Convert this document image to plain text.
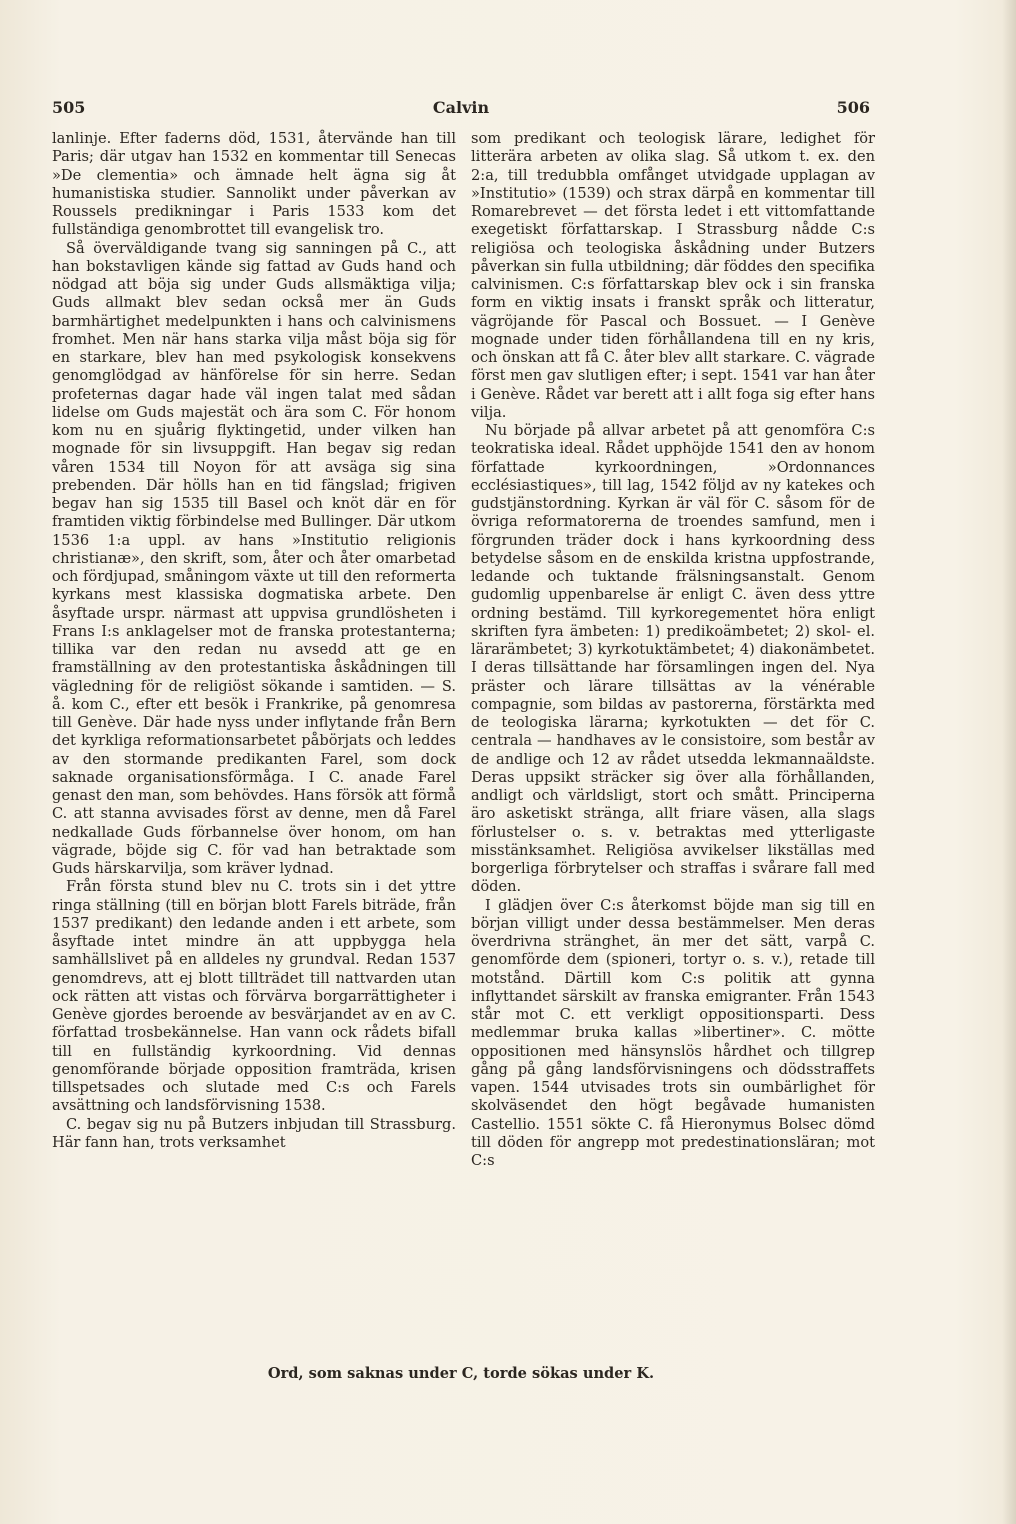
505	Calvin	506

lanlinje. Efter faderns död, 1531, återvände han till Paris; där utgav han 1532 en kommentar till Senecas »De clementia» och ämnade helt ägna sig åt humanistiska studier. Sannolikt under påverkan av Roussels predikningar i Paris 1533 kom det fullständiga genombrottet till evangelisk tro.

Så överväldigande tvang sig sanningen på C., att han bokstavligen kände sig fattad av Guds hand och nödgad att böja sig under Guds allsmäktiga vilja; Guds allmakt blev sedan också mer än Guds barmhärtighet medelpunkten i hans och calvinismens fromhet. Men när hans starka vilja måst böja sig för en starkare, blev han med psykologisk konsekvens genomglödgad av hänförelse för sin herre. Sedan profeternas dagar hade väl ingen talat med sådan lidelse om Guds majestät och ära som C. För honom kom nu en sjuårig flyktingetid, under vilken han mognade för sin livsuppgift. Han begav sig redan våren 1534 till Noyon för att avsäga sig sina prebenden. Där hölls han en tid fängslad; frigiven begav han sig 1535 till Basel och knöt där en för framtiden viktig förbindelse med Bullinger. Där utkom 1536 1:a uppl. av hans »Institutio religionis christianæ», den skrift, som, åter och åter omarbetad och fördjupad, småningom växte ut till den reformerta kyrkans mest klassiska dogmatiska arbete. Den åsyftade urspr. närmast att uppvisa grundlösheten i Frans I:s anklagelser mot de franska protestanterna; tillika var den redan nu avsedd att ge en framställning av den protestantiska åskådningen till vägledning för de religiöst sökande i samtiden. — S. å. kom C., efter ett besök i Frankrike, på genomresa till Genève. Där hade nyss under inflytande från Bern det kyrkliga reformationsarbetet påbörjats och leddes av den stormande predikanten Farel, som dock saknade organisationsförmåga. I C. anade Farel genast den man, som behövdes. Hans försök att förmå C. att stanna avvisades först av denne, men då Farel nedkallade Guds förbannelse över honom, om han vägrade, böjde sig C. för vad han betraktade som Guds härskarvilja, som kräver lydnad.

Från första stund blev nu C. trots sin i det yttre ringa ställning (till en början blott Farels biträde, från 1537 predikant) den ledande anden i ett arbete, som åsyftade intet mindre än att uppbygga hela samhällslivet på en alldeles ny grundval. Redan 1537 genomdrevs, att ej blott tillträdet till nattvarden utan ock rätten att vistas och förvärva borgarrättigheter i Genève gjordes beroende av besvärjandet av en av C. författad trosbekännelse. Han vann ock rådets bifall till en fullständig kyrkoordning. Vid dennas genomförande började opposition framträda, krisen tillspetsades och slutade med C:s och Farels avsättning och landsförvisning 1538.

C. begav sig nu på Butzers inbjudan till Strassburg. Här fann han, trots verksamhet

som predikant och teologisk lärare, ledighet för litterära arbeten av olika slag. Så utkom t. ex. den 2:a, till tredubbla omfånget utvidgade upplagan av »Institutio» (1539) och strax därpå en kommentar till Romarebrevet — det första ledet i ett vittomfattande exegetiskt författarskap. I Strassburg nådde C:s religiösa och teologiska åskådning under Butzers påverkan sin fulla utbildning; där föddes den specifika calvinismen. C:s författarskap blev ock i sin franska form en viktig insats i franskt språk och litteratur, vägröjande för Pascal och Bossuet. — I Genève mognade under tiden förhållandena till en ny kris, och önskan att få C. åter blev allt starkare. C. vägrade först men gav slutligen efter; i sept. 1541 var han åter i Genève. Rådet var berett att i allt foga sig efter hans vilja.

Nu började på allvar arbetet på att genomföra C:s teokratiska ideal. Rådet upphöjde 1541 den av honom författade kyrkoordningen, »Ordonnances ecclésiastiques», till lag, 1542 följd av ny katekes och gudstjänstordning. Kyrkan är väl för C. såsom för de övriga reformatorerna de troendes samfund, men i förgrunden träder dock i hans kyrkoordning dess betydelse såsom en de enskilda kristna uppfostrande, ledande och tuktande frälsningsanstalt. Genom gudomlig uppenbarelse är enligt C. även dess yttre ordning bestämd. Till kyrkoregementet höra enligt skriften fyra ämbeten: 1) predikoämbetet; 2) skol- el. lärarämbetet; 3) kyrkotuktämbetet; 4) diakonämbetet. I deras tillsättande har församlingen ingen del. Nya präster och lärare tillsättas av la vénérable compagnie, som bildas av pastorerna, förstärkta med de teologiska lärarna; kyrkotukten — det för C. centrala — handhaves av le consistoire, som består av de andlige och 12 av rådet utsedda lekmannaäldste. Deras uppsikt sträcker sig över alla förhållanden, andligt och världsligt, stort och smått. Principerna äro asketiskt stränga, allt friare väsen, alla slags förlustelser o. s. v. betraktas med ytterligaste misstänksamhet. Religiösa avvikelser likställas med borgerliga förbrytelser och straffas i svårare fall med döden.

I glädjen över C:s återkomst böjde man sig till en början villigt under dessa bestämmelser. Men deras överdrivna stränghet, än mer det sätt, varpå C. genomförde dem (spioneri, tortyr o. s. v.), retade till motstånd. Därtill kom C:s politik att gynna inflyttandet särskilt av franska emigranter. Från 1543 står mot C. ett verkligt oppositionsparti. Dess medlemmar bruka kallas »libertiner». C. mötte oppositionen med hänsynslös hårdhet och tillgrep gång på gång landsförvisningens och dödsstraffets vapen. 1544 utvisades trots sin oumbärlighet för skolväsendet den högt begåvade humanisten Castellio. 1551 sökte C. få Hieronymus Bolsec dömd till döden för angrepp mot predestinationsläran; mot C:s

Ord, som saknas under C, torde sökas under K.
